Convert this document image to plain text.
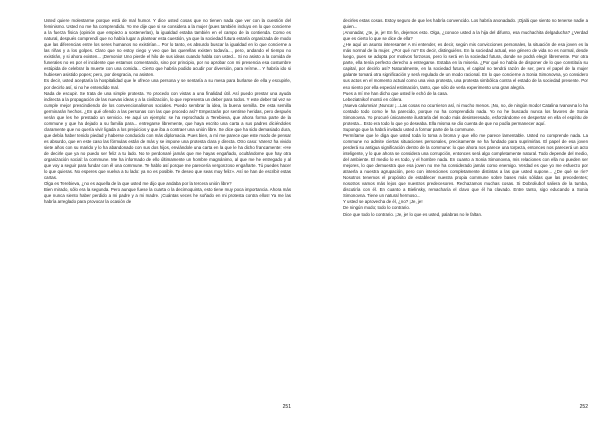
Usted quiere molestarme porque está de mal humor. Y dice usted cosas que no tienen nada que ver con la cuestión del feminismo. Usted no me ha comprendido. Yo me dije que si se considera a la mujer (pues también incluyo en lo que concierne a la fuerza física (opinión que empiezo a sostenerlas), la igualdad estaba también en el campo de la contienda. Como es natural, después comprendí que no había lugar a plantear esta cuestión, ya que la sociedad futura estaría organizada de modo que las diferencias entre los seres humanos no existirían... Por lo tanto, es absurdo buscar la igualdad en lo que concierne a las riñas y a los golpes. Claro que no estoy ciego y veo que las querellas existen todavía..., pero, andando el tiempo no existirán, y si ahora existen... ¡Demonio! Uno pierde el hilo de sus ideas cuando habla con usted... Si no asisto a la comida de funerales no es por el incidente que estamos comentando, sino por principio, por no aprobar con mi presencia esa costumbre estúpida de celebrar la muerte con una comida... Cierto que habría podido acudir por diversión, para reírme... Y habría ido si hubiesen asistido popes; pero, por desgracia, no asisten.

Es decir, usted aceptaría la hospitalidad que le ofrece una persona y se sentaría a su mesa para burlarse de ella y escupirle, por decirlo así, si no he entendido mal.

Nada de escupir. Se trata de una simple protesta. Yo procedo con vistas a una finalidad útil. Así puedo prestar una ayuda indirecta a la propagación de las nuevas ideas y a la civilización, lo que representa un deber para todos. Y este deber tal vez se cumple mejor prescindiendo de los convencionalismos sociales. Puedo sembrar la idea, la buena semilla. De esta semilla germinarán hechos. ¿En qué ofendo a las personas con las que procedo así? Empezarán por sentirse heridas, pero después verán que les he prestado un servicio. He aquí un ejemplo: se ha reprochado a Terebieva, que ahora forma parte de la commune y que ha dejado a su familia para... entregarse libremente, que haya escrito una carta a sus padres diciéndoles claramente que no quería vivir ligada a los prejuicios y que iba a contraer una unión libre. Se dice que ha sido demasiado dura, que debía haber tenido piedad y haberse conducido con más diplomacia. Pues bien, a mí me parece que este modo de pensar es absurdo, que en este caso las fórmulas están de más y se impone una protesta clara y directa. Otro caso: Varenz ha vivido siete años con su marido y lo ha abandonado con sus dos hijos, enviándole una carta en la que le ha dicho francamente: «He de decirle que ya no puedo ser feliz a tu lado. No te perdonaré jamás que me hayas engañado, ocultándome que hay otra organización social: la commune. Me ha informado de ello últimamente un hombre magnánimo, al que me he entregado y al que voy a seguir para fundar con él una commune. Te hablo así porque me parecería vergonzoso engañarte. Tú puedes hacer lo que quieras. No esperes que vuelva a tu lado: ya no es posible. Te deseo que seas muy feliz». Así se han de escribir estas cartas.

Olga es Terebieva, ¿no es aquella de la que usted me dijo que andaba por la tercera unión libre?

Bien mirado, sólo era la segunda. Pero aunque fuese la cuarta o la decimoquinta, esto tiene muy poca importancia. Ahora más que nunca siento haber perdido a mi padre y a mi madre. ¡Cuántas veces he soñado en mi protesta contra ellos! Ya me las habría arreglado para provocar la ocasión de

251

decirles estas cosas. Estoy seguro de que les habría convencido. Los habría anonadado. ¡Ojalá que siento no tenerse nadie a quien...

¡Anonadar, ¿te, je, je! En fin, dejemos esto. Olga, ¿conoce usted a la hija del difunto, esa muchachita delgaducha? ¿Verdad que es cierto lo que se dice de ella?

¿He aquí un asunto interesante! A mi entender, es decir, según mis convicciones personales, la situación de esa joven es la más normal de la mujer. ¿Por qué no? Es decir, distinguiéns. En la sociedad actual, ese género de vida no es normal, desde luego, pues se adopta por motivos forzosos, pero lo será en la sociedad futura, donde se podrá elegir libremente. Por otra parte, ella tenía perfecto derecho a entregarse. Estaba en la miseria. ¿Por qué no había de disponer de lo que constituía su capital, por decirlo así? Naturalmente, en la sociedad futura, el capital no tendrá razón de ser, pero el papel de la mujer galante tomará otra significación y será regulado de un modo racional. En lo que concierne a Sonia Simonovna, yo considero sus actos en el momento actual como una viva protesta, una protesta simbólica contra el estado de la sociedad presente. Por eso siento por ella especial estimación, tanto, que sólo de verla experimento una gran alegría.

Pues a mí me han dicho que usted le echó de la casa.

Lebeziatnikof montó en cólera.

¡Nueva calumnia! ¡Nunca! ¡...Las cosas no ocurrieron así, ni mucho menos. ¡No, no, de ningún modo! Catalina Ivanovna lo ha contado todo como le ha parecido, porque no ha comprendido nada. Yo no he buscado nunca los favores de Sonia Simonovna. Yo procuré únicamente ilustrarla del modo más desinteresado, esforzándome en despertar en ella el espíritu de protesta... Esto era todo lo que yo deseaba. Ella misma se dio cuenta de que no podía permanecer aquí.

Supongo que la habrá invitado usted a formar parte de la commune.

Permítame que le diga que usted toda lo toma a broma y que ello me parece lamentable. Usted no comprende nada. La commune no admite ciertas situaciones personales, precisamente se ha fundado para suprimirlas. El papel de esa joven perderá su antigua significación dentro de la commune: lo que ahora nos parece una torpeza, entonces nos parecerá un acto inteligente, y lo que ahora se considera una corrupción, entonces será algo completamente natural. Todo depende del medio, del ambiente. El medio lo es todo, y el hombre nada. En cuanto a Sonia Simonovna, mis relaciones con ella no pueden ser mejores, lo que demuestra que esa joven no me ha considerado jamás como enemigo. Verdad es que yo me esfuerzo por atraerla a nuestra agrupación, pero con intenciones completamente distintas a las que usted supone... ¿De qué se ríe? Nosotros tenemos el propósito de establecer nuestra propia commune sobre bases más sólidas que las precedentes; nosotros vamos más lejos que nuestros predecesores. Rechazamos muchas cosas. Si Dobroliubof saliera de la tumba, discutiría con él. En cuanto a Bielinsky, remacharía el clavo que él ha clavado. Entre tanto, sigo educando a Sonia Simonovna. Tiene un natural hermoso...

Y usted se aprovecha de él, ¿no? ¡Je, je!

De ningún modo; todo lo contrario.

Dice que todo lo contrario. ¡Je, je! lo que es usted, palabras no le faltan.

252
